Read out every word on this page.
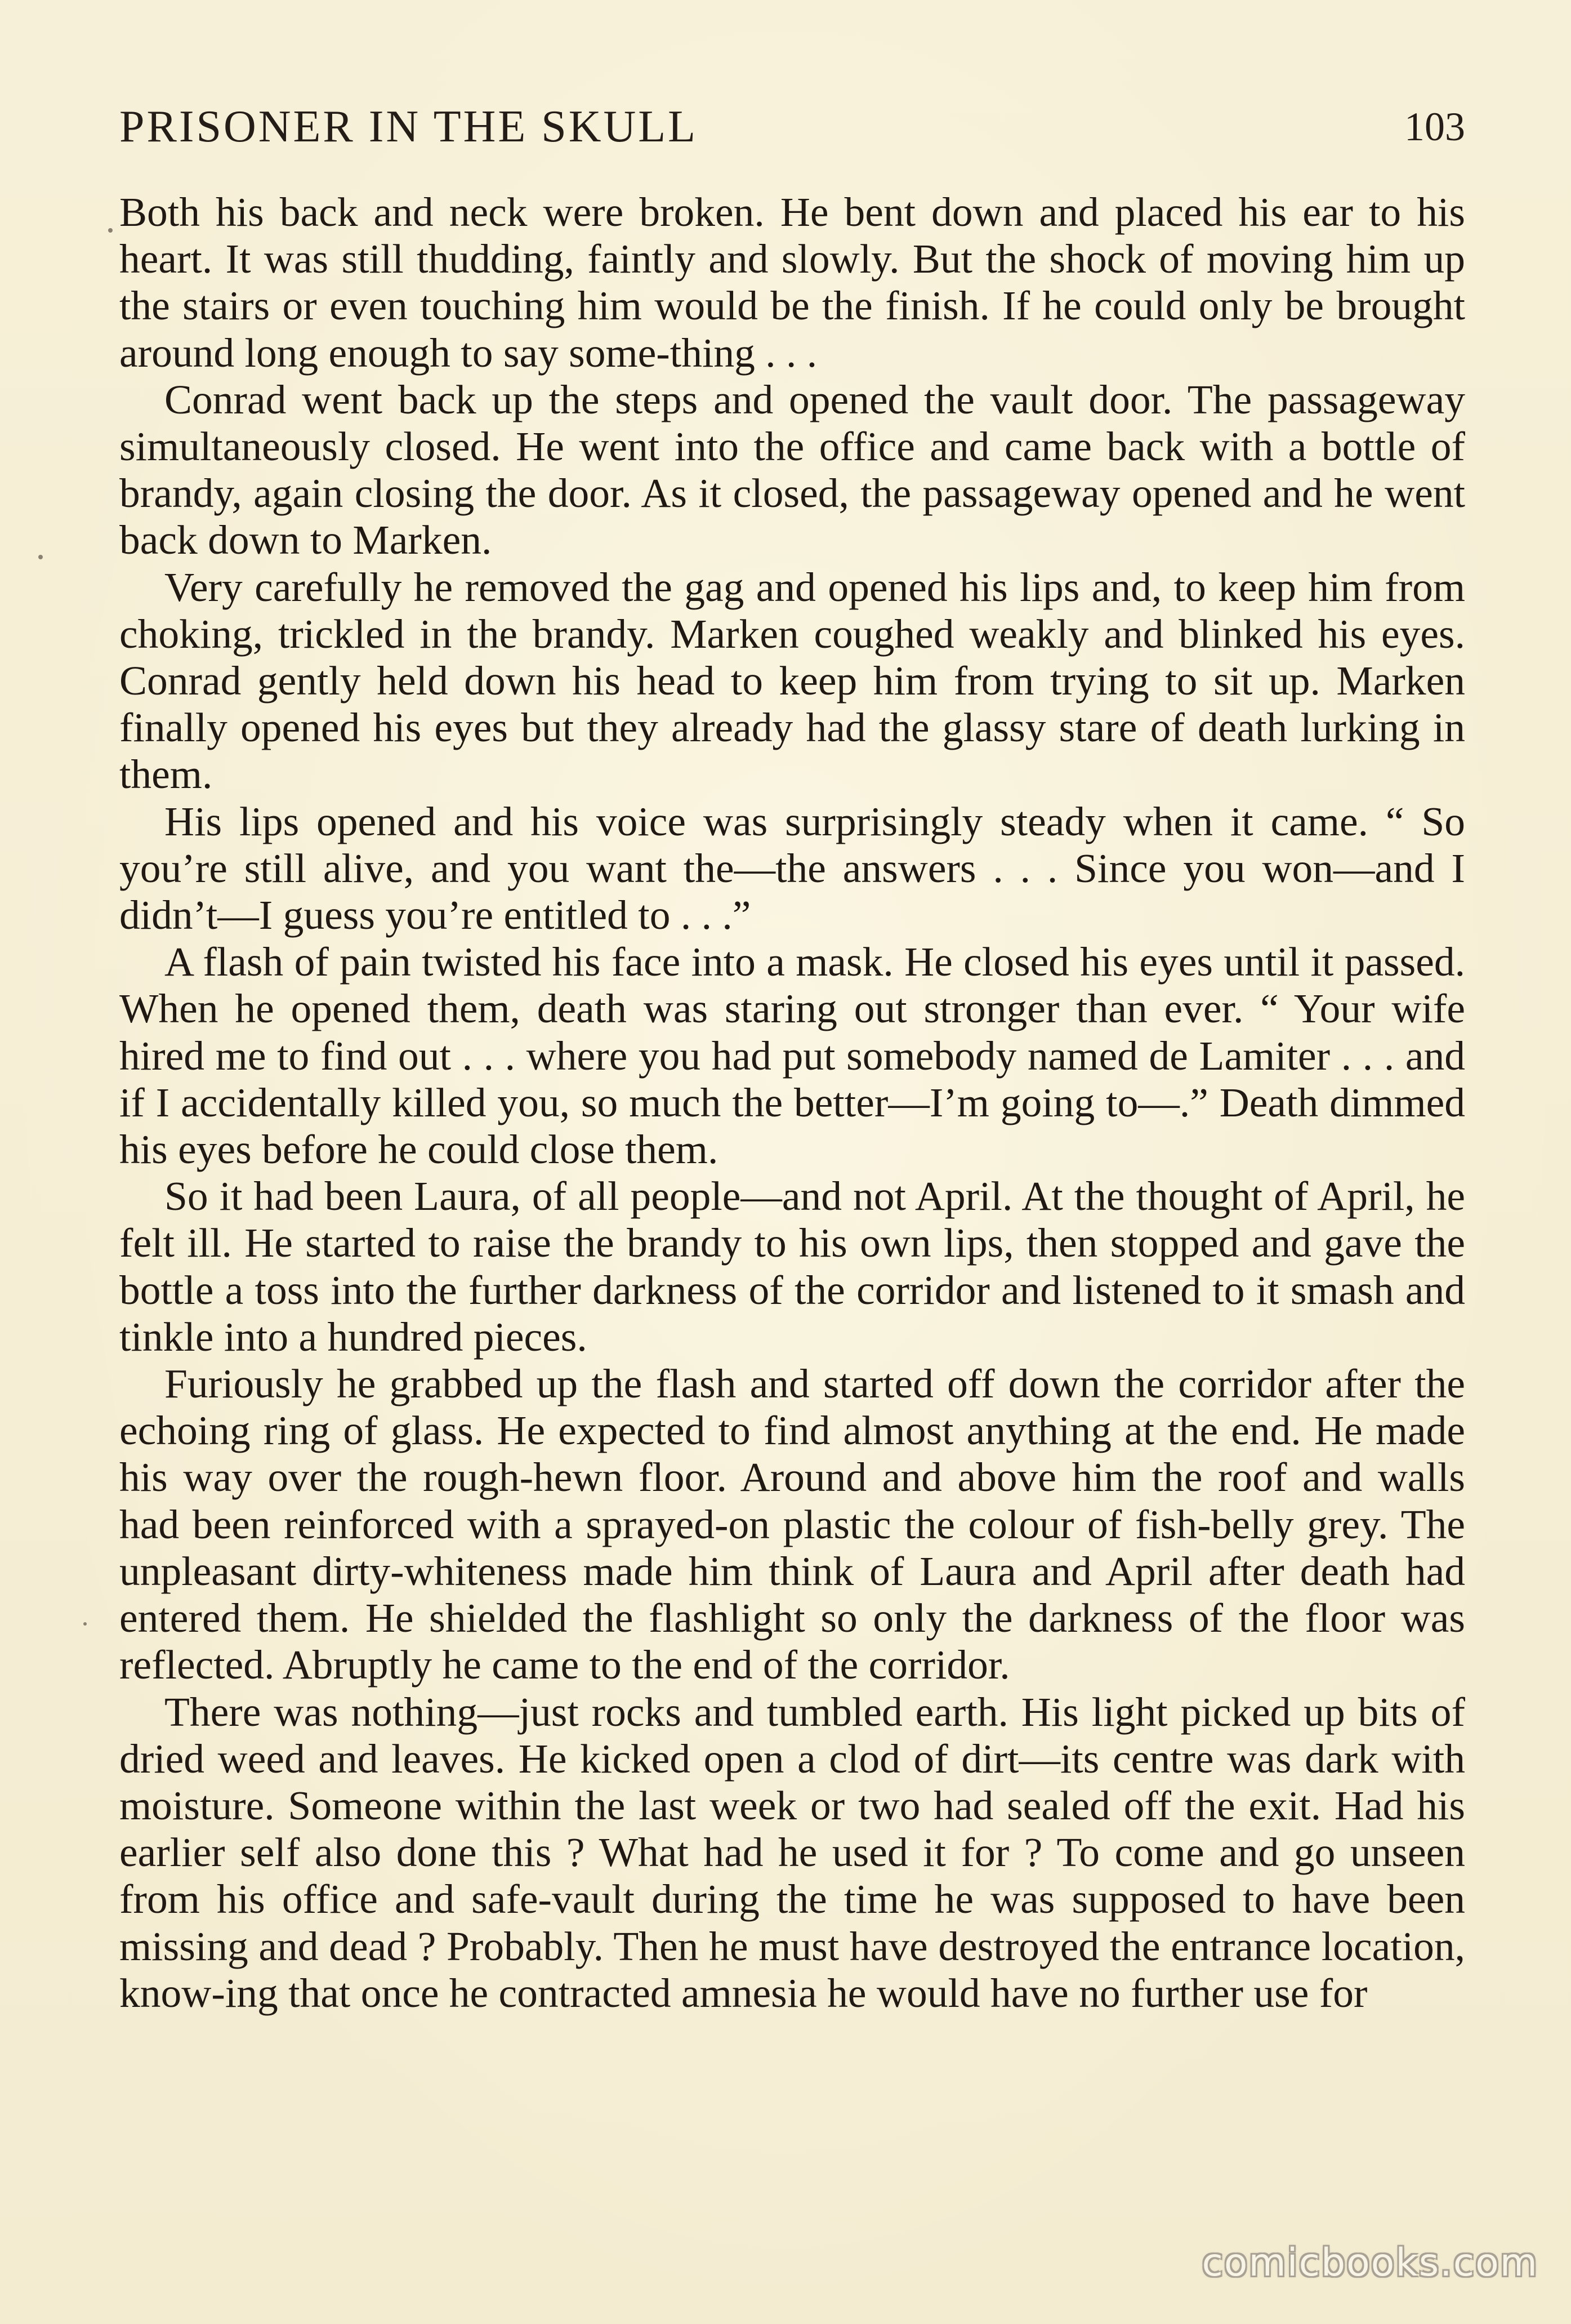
PRISONER IN THE SKULL	103

Both his back and neck were broken. He bent down and placed his ear to his heart. It was still thudding, faintly and slowly. But the shock of moving him up the stairs or even touching him would be the finish. If he could only be brought around long enough to say some-thing . . .

Conrad went back up the steps and opened the vault door. The passageway simultaneously closed. He went into the office and came back with a bottle of brandy, again closing the door. As it closed, the passageway opened and he went back down to Marken.

Very carefully he removed the gag and opened his lips and, to keep him from choking, trickled in the brandy. Marken coughed weakly and blinked his eyes. Conrad gently held down his head to keep him from trying to sit up. Marken finally opened his eyes but they already had the glassy stare of death lurking in them.

His lips opened and his voice was surprisingly steady when it came. “ So you’re still alive, and you want the—the answers . . . Since you won—and I didn’t—I guess you’re entitled to . . .”

A flash of pain twisted his face into a mask. He closed his eyes until it passed. When he opened them, death was staring out stronger than ever. “ Your wife hired me to find out . . . where you had put somebody named de Lamiter . . . and if I accidentally killed you, so much the better—I’m going to—.” Death dimmed his eyes before he could close them.

So it had been Laura, of all people—and not April. At the thought of April, he felt ill. He started to raise the brandy to his own lips, then stopped and gave the bottle a toss into the further darkness of the corridor and listened to it smash and tinkle into a hundred pieces.

Furiously he grabbed up the flash and started off down the corridor after the echoing ring of glass. He expected to find almost anything at the end. He made his way over the rough-hewn floor. Around and above him the roof and walls had been reinforced with a sprayed-on plastic the colour of fish-belly grey. The unpleasant dirty-whiteness made him think of Laura and April after death had entered them. He shielded the flashlight so only the darkness of the floor was reflected. Abruptly he came to the end of the corridor.

There was nothing—just rocks and tumbled earth. His light picked up bits of dried weed and leaves. He kicked open a clod of dirt—its centre was dark with moisture. Someone within the last week or two had sealed off the exit. Had his earlier self also done this ? What had he used it for ? To come and go unseen from his office and safe-vault during the time he was supposed to have been missing and dead ? Probably. Then he must have destroyed the entrance location, know-ing that once he contracted amnesia he would have no further use for

comicbooks.com
